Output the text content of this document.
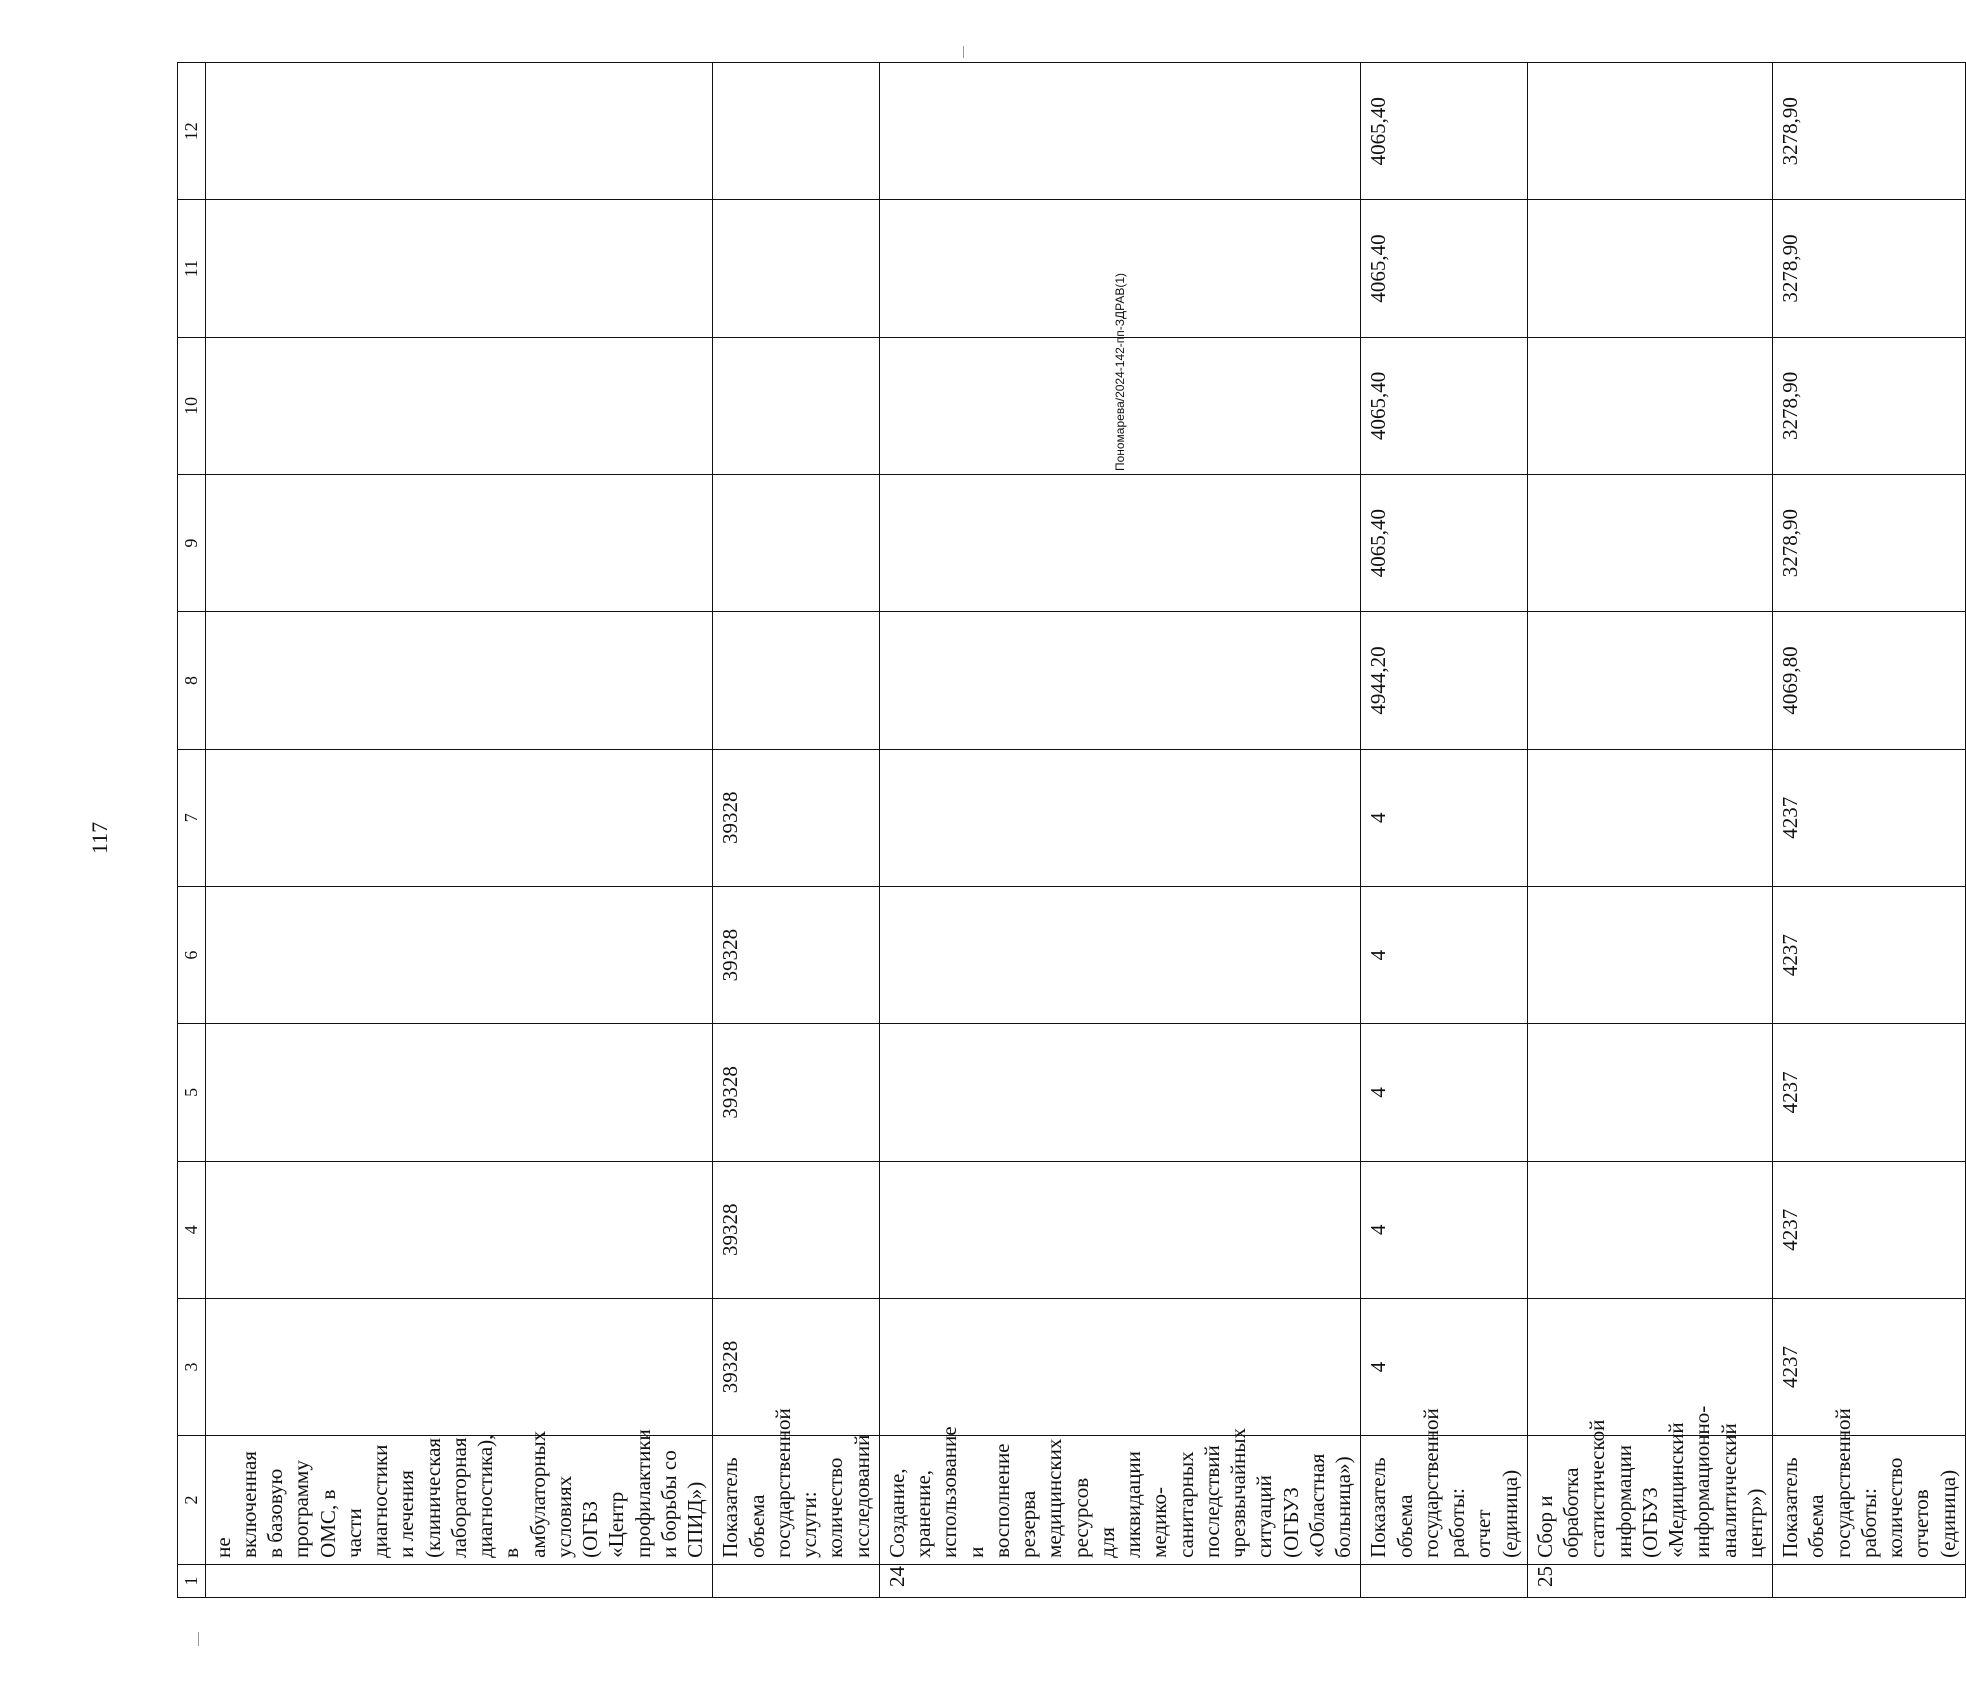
117
Пономарева/2024-142-пп-ЗДРАВ(1)
1	2	3	4	5	6	7	8	9	10	11	12
	не включенная в базовую программу ОМС, в части диагностики и лечения (клиническая лабораторная диагностика), в амбулаторных условиях (ОГБЗ «Центр профилактики и борьбы со СПИД»)										
	Показатель объема государственной услуги: количество исследований	39328	39328	39328	39328	39328					
24	Создание, хранение, использование и восполнение резерва медицинских ресурсов для ликвидации медико-санитарных последствий чрезвычайных ситуаций (ОГБУЗ «Областная больница»)										
	Показатель объема государственной работы: отчет (единица)	4	4	4	4	4	4944,20	4065,40	4065,40	4065,40	4065,40
25	Сбор и обработка статистической информации (ОГБУЗ «Медицинский информационно-аналитический центр»)										
	Показатель объема государственной работы: количество отчетов (единица)	4237	4237	4237	4237	4237	4069,80	3278,90	3278,90	3278,90	3278,90
